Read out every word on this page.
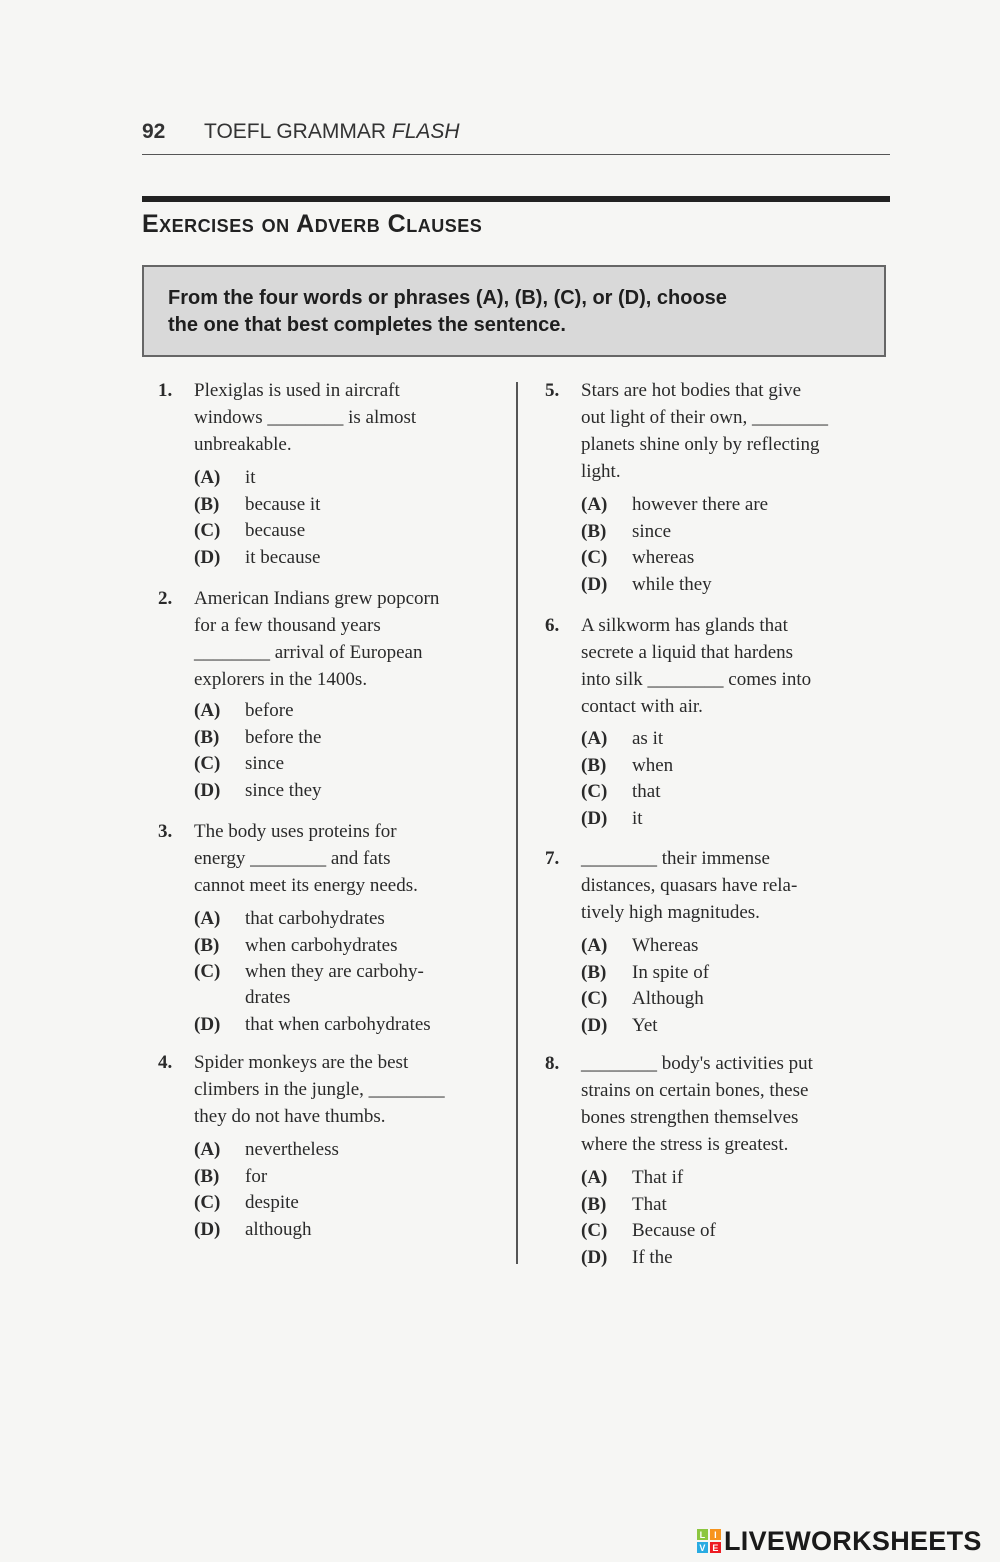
92 TOEFL GRAMMAR FLASH
Exercises on Adverb Clauses
From the four words or phrases (A), (B), (C), or (D), choose
the one that best completes the sentence.
1. Plexiglas is used in aircraft
windows ________ is almost
unbreakable.
(A) it
(B) because it
(C) because
(D) it because
2. American Indians grew popcorn
for a few thousand years
________ arrival of European
explorers in the 1400s.
(A) before
(B) before the
(C) since
(D) since they
3. The body uses proteins for
energy ________ and fats
cannot meet its energy needs.
(A) that carbohydrates
(B) when carbohydrates
(C) when they are carbohy-
drates
(D) that when carbohydrates
4. Spider monkeys are the best
climbers in the jungle, ________
they do not have thumbs.
(A) nevertheless
(B) for
(C) despite
(D) although
5. Stars are hot bodies that give
out light of their own, ________
planets shine only by reflecting
light.
(A) however there are
(B) since
(C) whereas
(D) while they
6. A silkworm has glands that
secrete a liquid that hardens
into silk ________ comes into
contact with air.
(A) as it
(B) when
(C) that
(D) it
7. ________ their immense
distances, quasars have rela-
tively high magnitudes.
(A) Whereas
(B) In spite of
(C) Although
(D) Yet
8. ________ body's activities put
strains on certain bones, these
bones strengthen themselves
where the stress is greatest.
(A) That if
(B) That
(C) Because of
(D) If the
L I
V E LIVEWORKSHEETS
